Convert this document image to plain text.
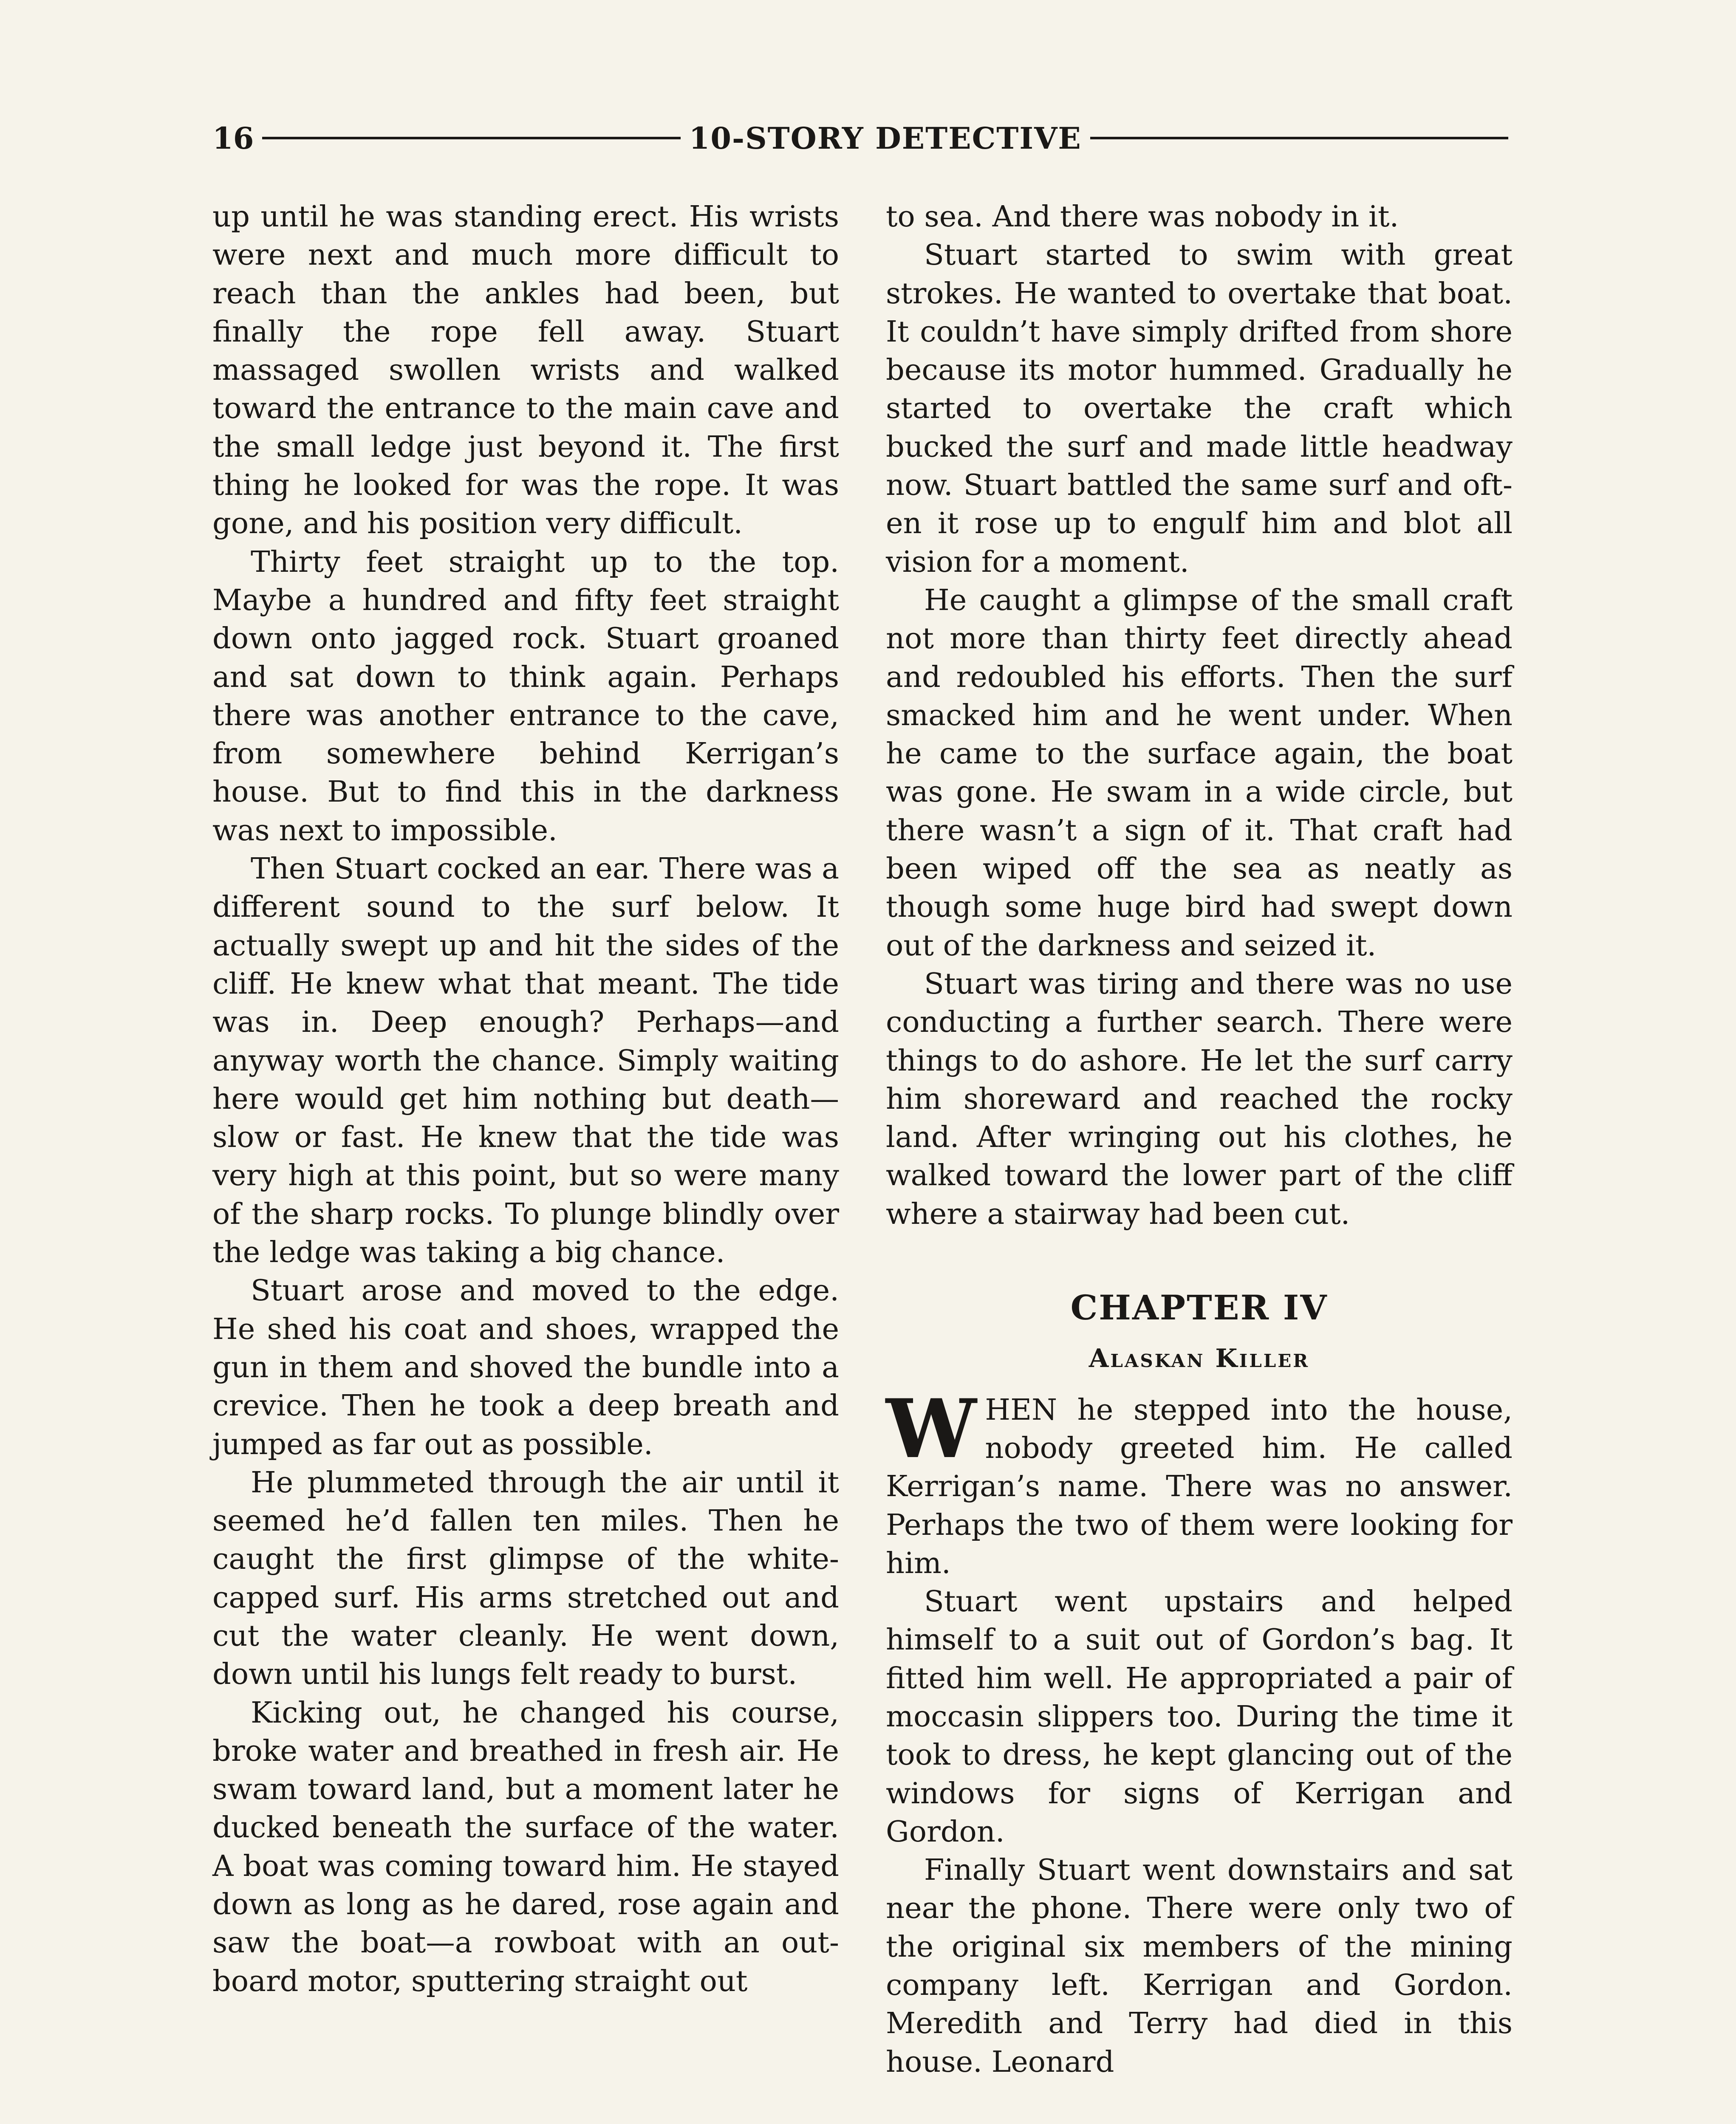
16	10-STORY DETECTIVE

up until he was standing erect. His wrists were next and much more difficult to reach than the ankles had been, but finally the rope fell away. Stuart massaged swollen wrists and walked toward the entrance to the main cave and the small ledge just beyond it. The first thing he looked for was the rope. It was gone, and his position very difficult.

Thirty feet straight up to the top. Maybe a hundred and fifty feet straight down onto jagged rock. Stuart groaned and sat down to think again. Perhaps there was another entrance to the cave, from somewhere behind Kerrigan’s house. But to find this in the darkness was next to impossible.

Then Stuart cocked an ear. There was a different sound to the surf below. It actually swept up and hit the sides of the cliff. He knew what that meant. The tide was in. Deep enough? Perhaps—and anyway worth the chance. Simply waiting here would get him nothing but death—slow or fast. He knew that the tide was very high at this point, but so were many of the sharp rocks. To plunge blindly over the ledge was taking a big chance.

Stuart arose and moved to the edge. He shed his coat and shoes, wrapped the gun in them and shoved the bundle into a crevice. Then he took a deep breath and jumped as far out as possible.

He plummeted through the air until it seemed he’d fallen ten miles. Then he caught the first glimpse of the white-capped surf. His arms stretched out and cut the water cleanly. He went down, down until his lungs felt ready to burst.

Kicking out, he changed his course, broke water and breathed in fresh air. He swam toward land, but a moment later he ducked beneath the surface of the water. A boat was coming toward him. He stayed down as long as he dared, rose again and saw the boat—a rowboat with an outboard motor, sputtering straight out

to sea. And there was nobody in it.

Stuart started to swim with great strokes. He wanted to overtake that boat. It couldn’t have simply drifted from shore because its motor hummed. Gradually he started to overtake the craft which bucked the surf and made little headway now. Stuart battled the same surf and often it rose up to engulf him and blot all vision for a moment.

He caught a glimpse of the small craft not more than thirty feet directly ahead and redoubled his efforts. Then the surf smacked him and he went under. When he came to the surface again, the boat was gone. He swam in a wide circle, but there wasn’t a sign of it. That craft had been wiped off the sea as neatly as though some huge bird had swept down out of the darkness and seized it.

Stuart was tiring and there was no use conducting a further search. There were things to do ashore. He let the surf carry him shoreward and reached the rocky land. After wringing out his clothes, he walked toward the lower part of the cliff where a stairway had been cut.

CHAPTER IV
Alaskan Killer

WHEN he stepped into the house, nobody greeted him. He called Kerrigan’s name. There was no answer. Perhaps the two of them were looking for him.

Stuart went upstairs and helped himself to a suit out of Gordon’s bag. It fitted him well. He appropriated a pair of moccasin slippers too. During the time it took to dress, he kept glancing out of the windows for signs of Kerrigan and Gordon.

Finally Stuart went downstairs and sat near the phone. There were only two of the original six members of the mining company left. Kerrigan and Gordon. Meredith and Terry had died in this house. Leonard
